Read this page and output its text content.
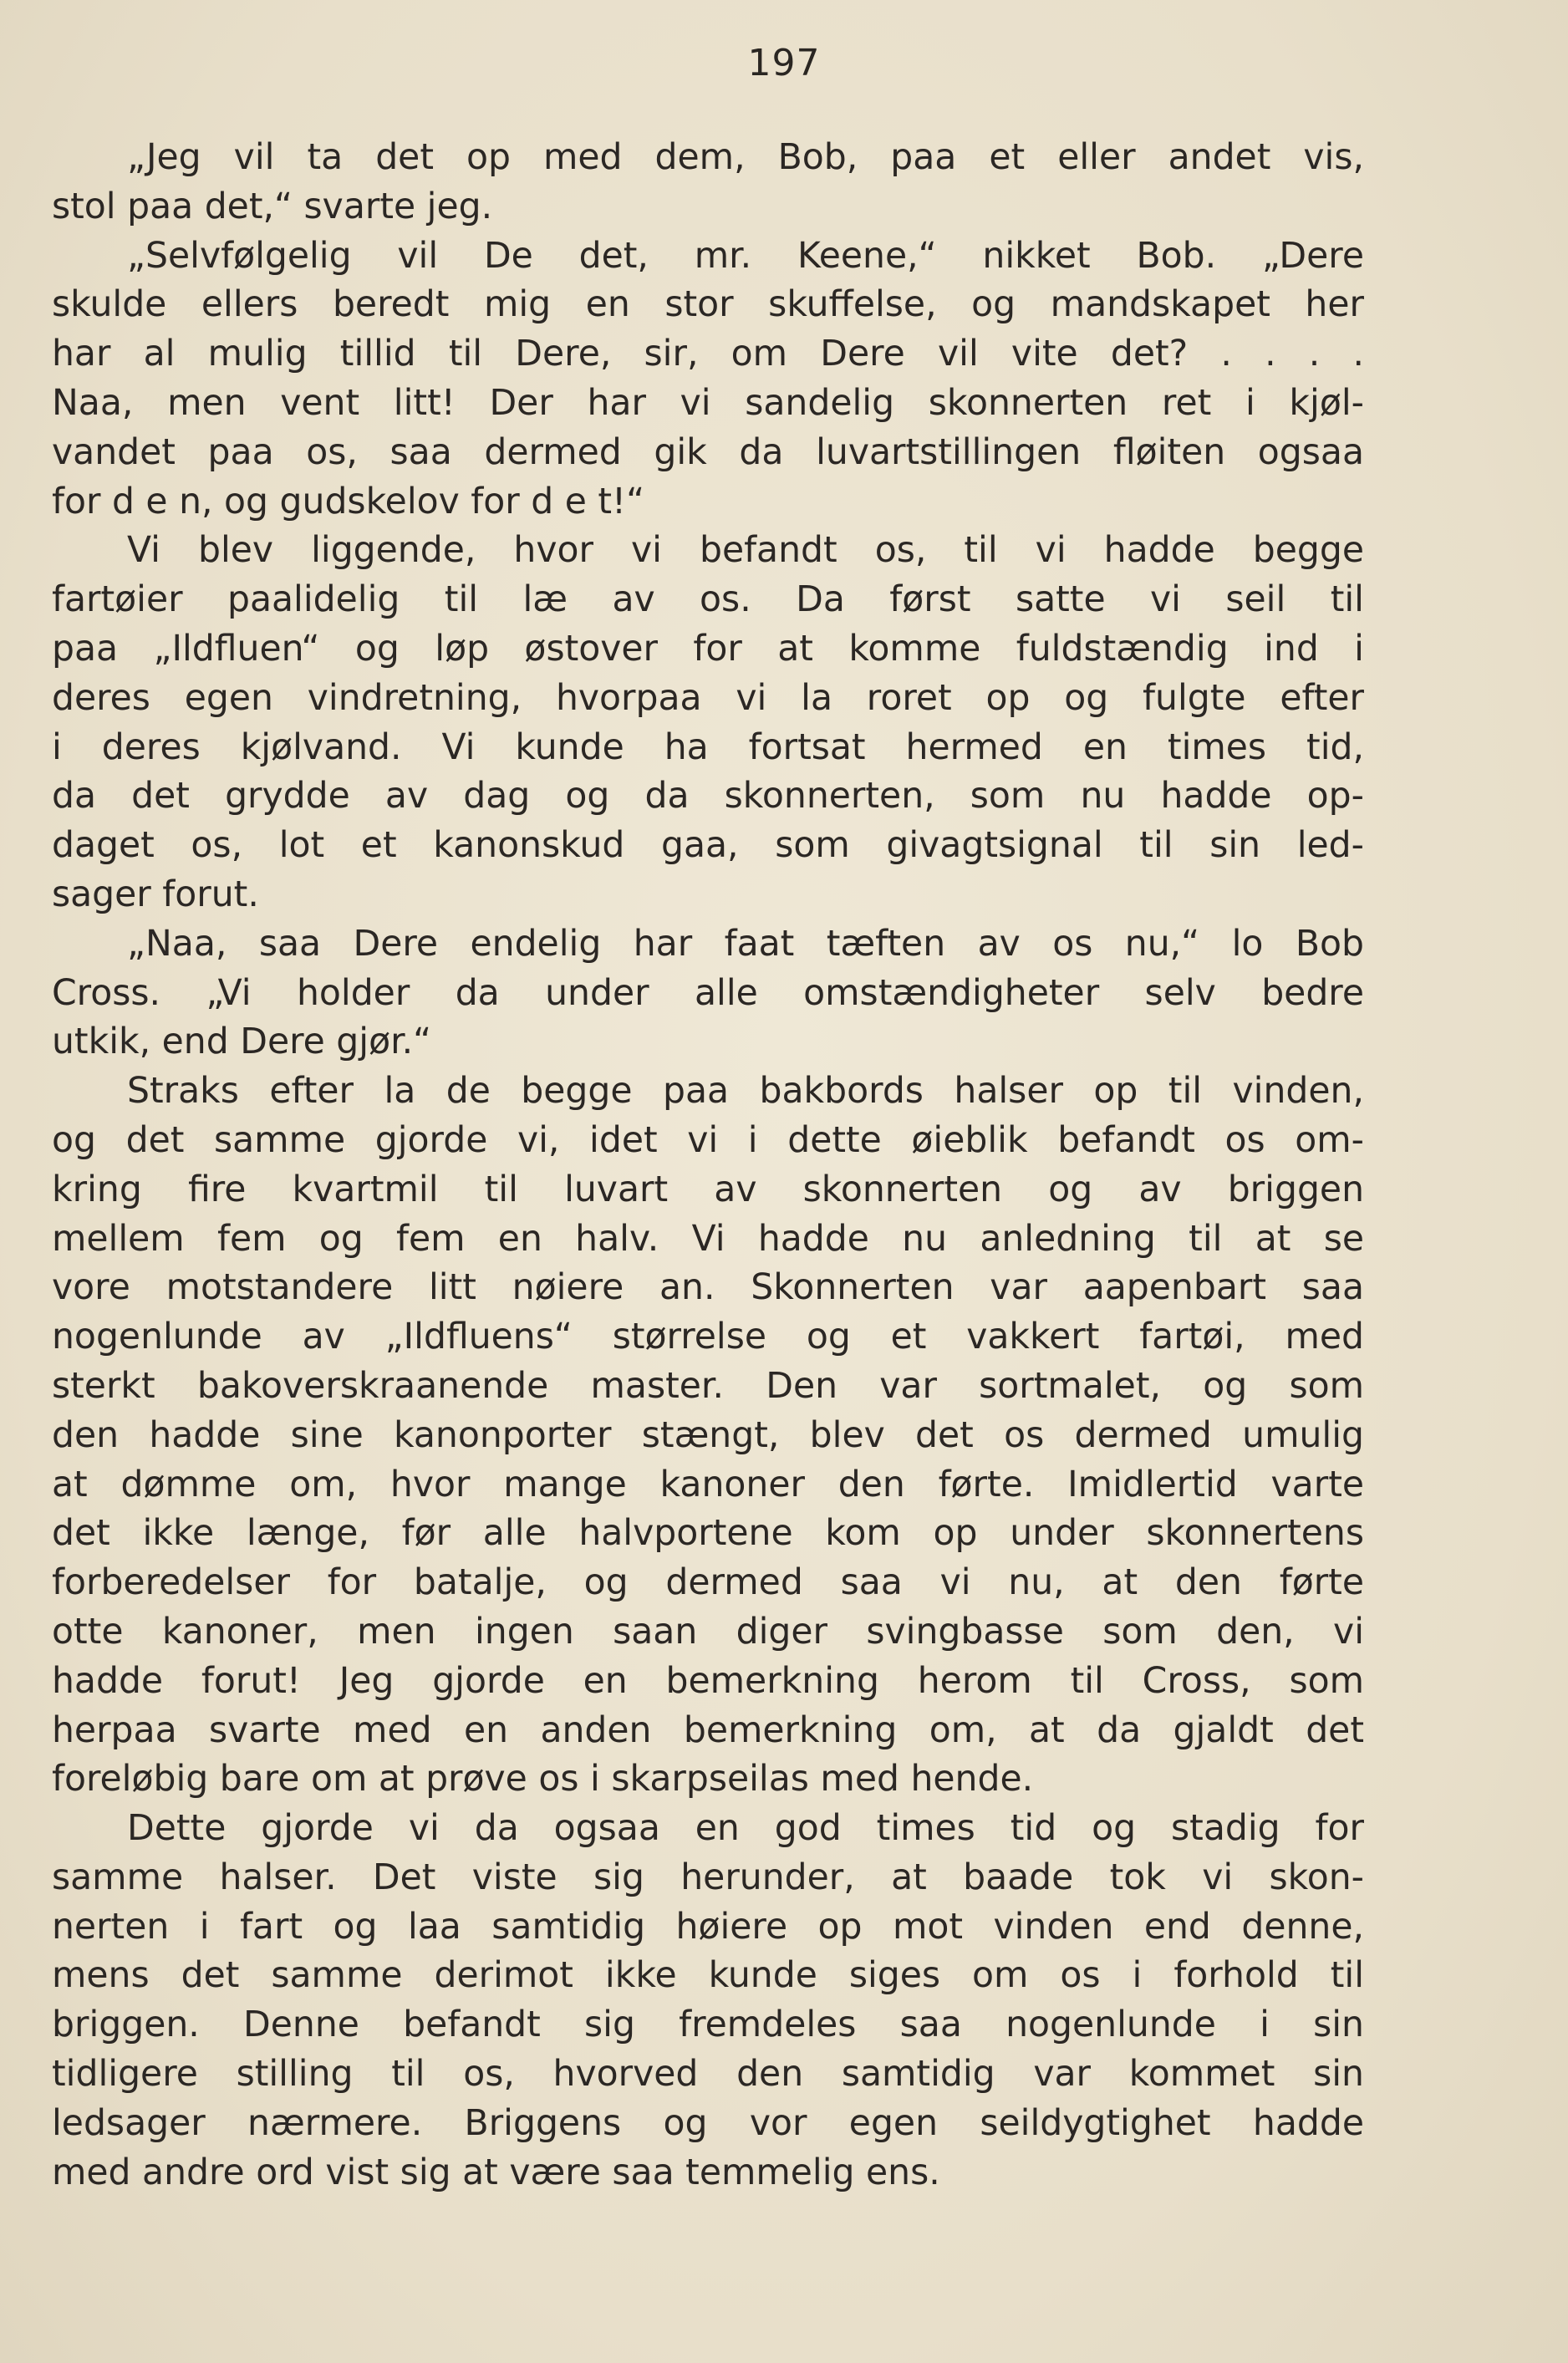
197
„Jeg vil ta det op med dem, Bob, paa et eller andet vis,
stol paa det,“ svarte jeg.
„Selvfølgelig vil De det, mr. Keene,“ nikket Bob. „Dere
skulde ellers beredt mig en stor skuffelse, og mandskapet her
har al mulig tillid til Dere, sir, om Dere vil vite det? . . . .
Naa, men vent litt! Der har vi sandelig skonnerten ret i kjøl-
vandet paa os, saa dermed gik da luvartstillingen fløiten ogsaa
for d e n, og gudskelov for d e t!“
Vi blev liggende, hvor vi befandt os, til vi hadde begge
fartøier paalidelig til læ av os. Da først satte vi seil til
paa „Ildfluen“ og løp østover for at komme fuldstændig ind i
deres egen vindretning, hvorpaa vi la roret op og fulgte efter
i deres kjølvand. Vi kunde ha fortsat hermed en times tid,
da det grydde av dag og da skonnerten, som nu hadde op-
daget os, lot et kanonskud gaa, som givagtsignal til sin led-
sager forut.
„Naa, saa Dere endelig har faat tæften av os nu,“ lo Bob
Cross. „Vi holder da under alle omstændigheter selv bedre
utkik, end Dere gjør.“
Straks efter la de begge paa bakbords halser op til vinden,
og det samme gjorde vi, idet vi i dette øieblik befandt os om-
kring fire kvartmil til luvart av skonnerten og av briggen
mellem fem og fem en halv. Vi hadde nu anledning til at se
vore motstandere litt nøiere an. Skonnerten var aapenbart saa
nogenlunde av „Ildfluens“ størrelse og et vakkert fartøi, med
sterkt bakoverskraanende master. Den var sortmalet, og som
den hadde sine kanonporter stængt, blev det os dermed umulig
at dømme om, hvor mange kanoner den førte. Imidlertid varte
det ikke længe, før alle halvportene kom op under skonnertens
forberedelser for batalje, og dermed saa vi nu, at den førte
otte kanoner, men ingen saan diger svingbasse som den, vi
hadde forut! Jeg gjorde en bemerkning herom til Cross, som
herpaa svarte med en anden bemerkning om, at da gjaldt det
foreløbig bare om at prøve os i skarpseilas med hende.
Dette gjorde vi da ogsaa en god times tid og stadig for
samme halser. Det viste sig herunder, at baade tok vi skon-
nerten i fart og laa samtidig høiere op mot vinden end denne,
mens det samme derimot ikke kunde siges om os i forhold til
briggen. Denne befandt sig fremdeles saa nogenlunde i sin
tidligere stilling til os, hvorved den samtidig var kommet sin
ledsager nærmere. Briggens og vor egen seildygtighet hadde
med andre ord vist sig at være saa temmelig ens.
